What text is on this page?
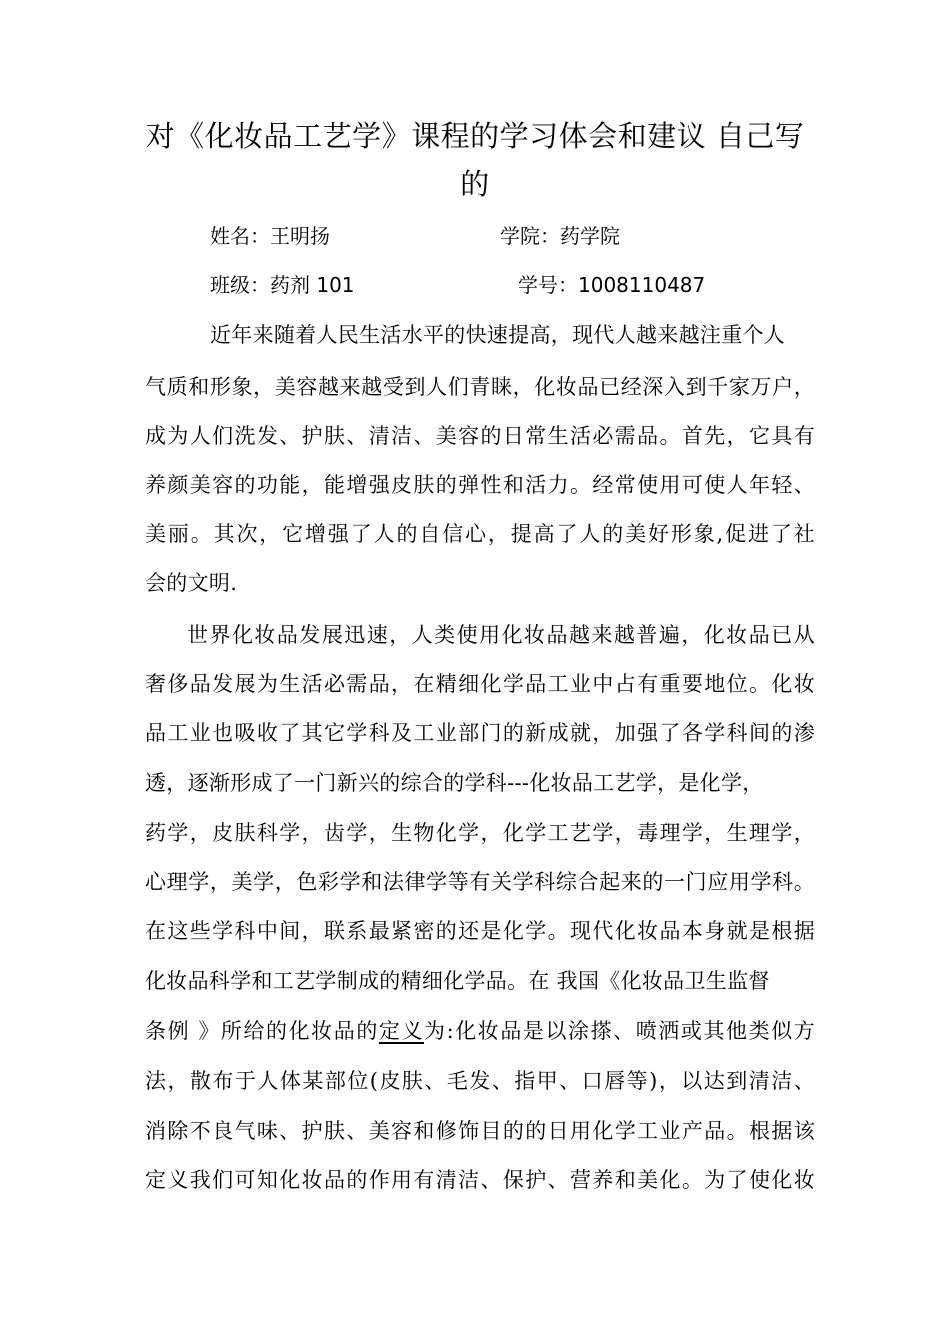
对《化妆品工艺学》课程的学习体会和建议 自己写
的
姓名：王明扬	学院：药学院
班级：药剂 101	学号：1008110487
近年来随着人民生活水平的快速提高，现代人越来越注重个人
气质和形象，美容越来越受到人们青睐，化妆品已经深入到千家万户，
成为人们洗发、护肤、清洁、美容的日常生活必需品。首先，它具有
养颜美容的功能，能增强皮肤的弹性和活力。经常使用可使人年轻、
美丽。其次，它增强了人的自信心，提高了人的美好形象,促进了社
会的文明.
世界化妆品发展迅速，人类使用化妆品越来越普遍，化妆品已从
奢侈品发展为生活必需品，在精细化学品工业中占有重要地位。化妆
品工业也吸收了其它学科及工业部门的新成就，加强了各学科间的渗
透，逐渐形成了一门新兴的综合的学科---化妆品工艺学，是化学，
药学，皮肤科学，齿学，生物化学，化学工艺学，毒理学，生理学，
心理学，美学，色彩学和法律学等有关学科综合起来的一门应用学科。
在这些学科中间，联系最紧密的还是化学。现代化妆品本身就是根据
化妆品科学和工艺学制成的精细化学品。在 我国《化妆品卫生监督
条例 》所给的化妆品的定义为:化妆品是以涂搽、喷洒或其他类似方
法，散布于人体某部位(皮肤、毛发、指甲、口唇等)，以达到清洁、
消除不良气味、护肤、美容和修饰目的的日用化学工业产品。根据该
定义我们可知化妆品的作用有清洁、保护、营养和美化。为了使化妆
